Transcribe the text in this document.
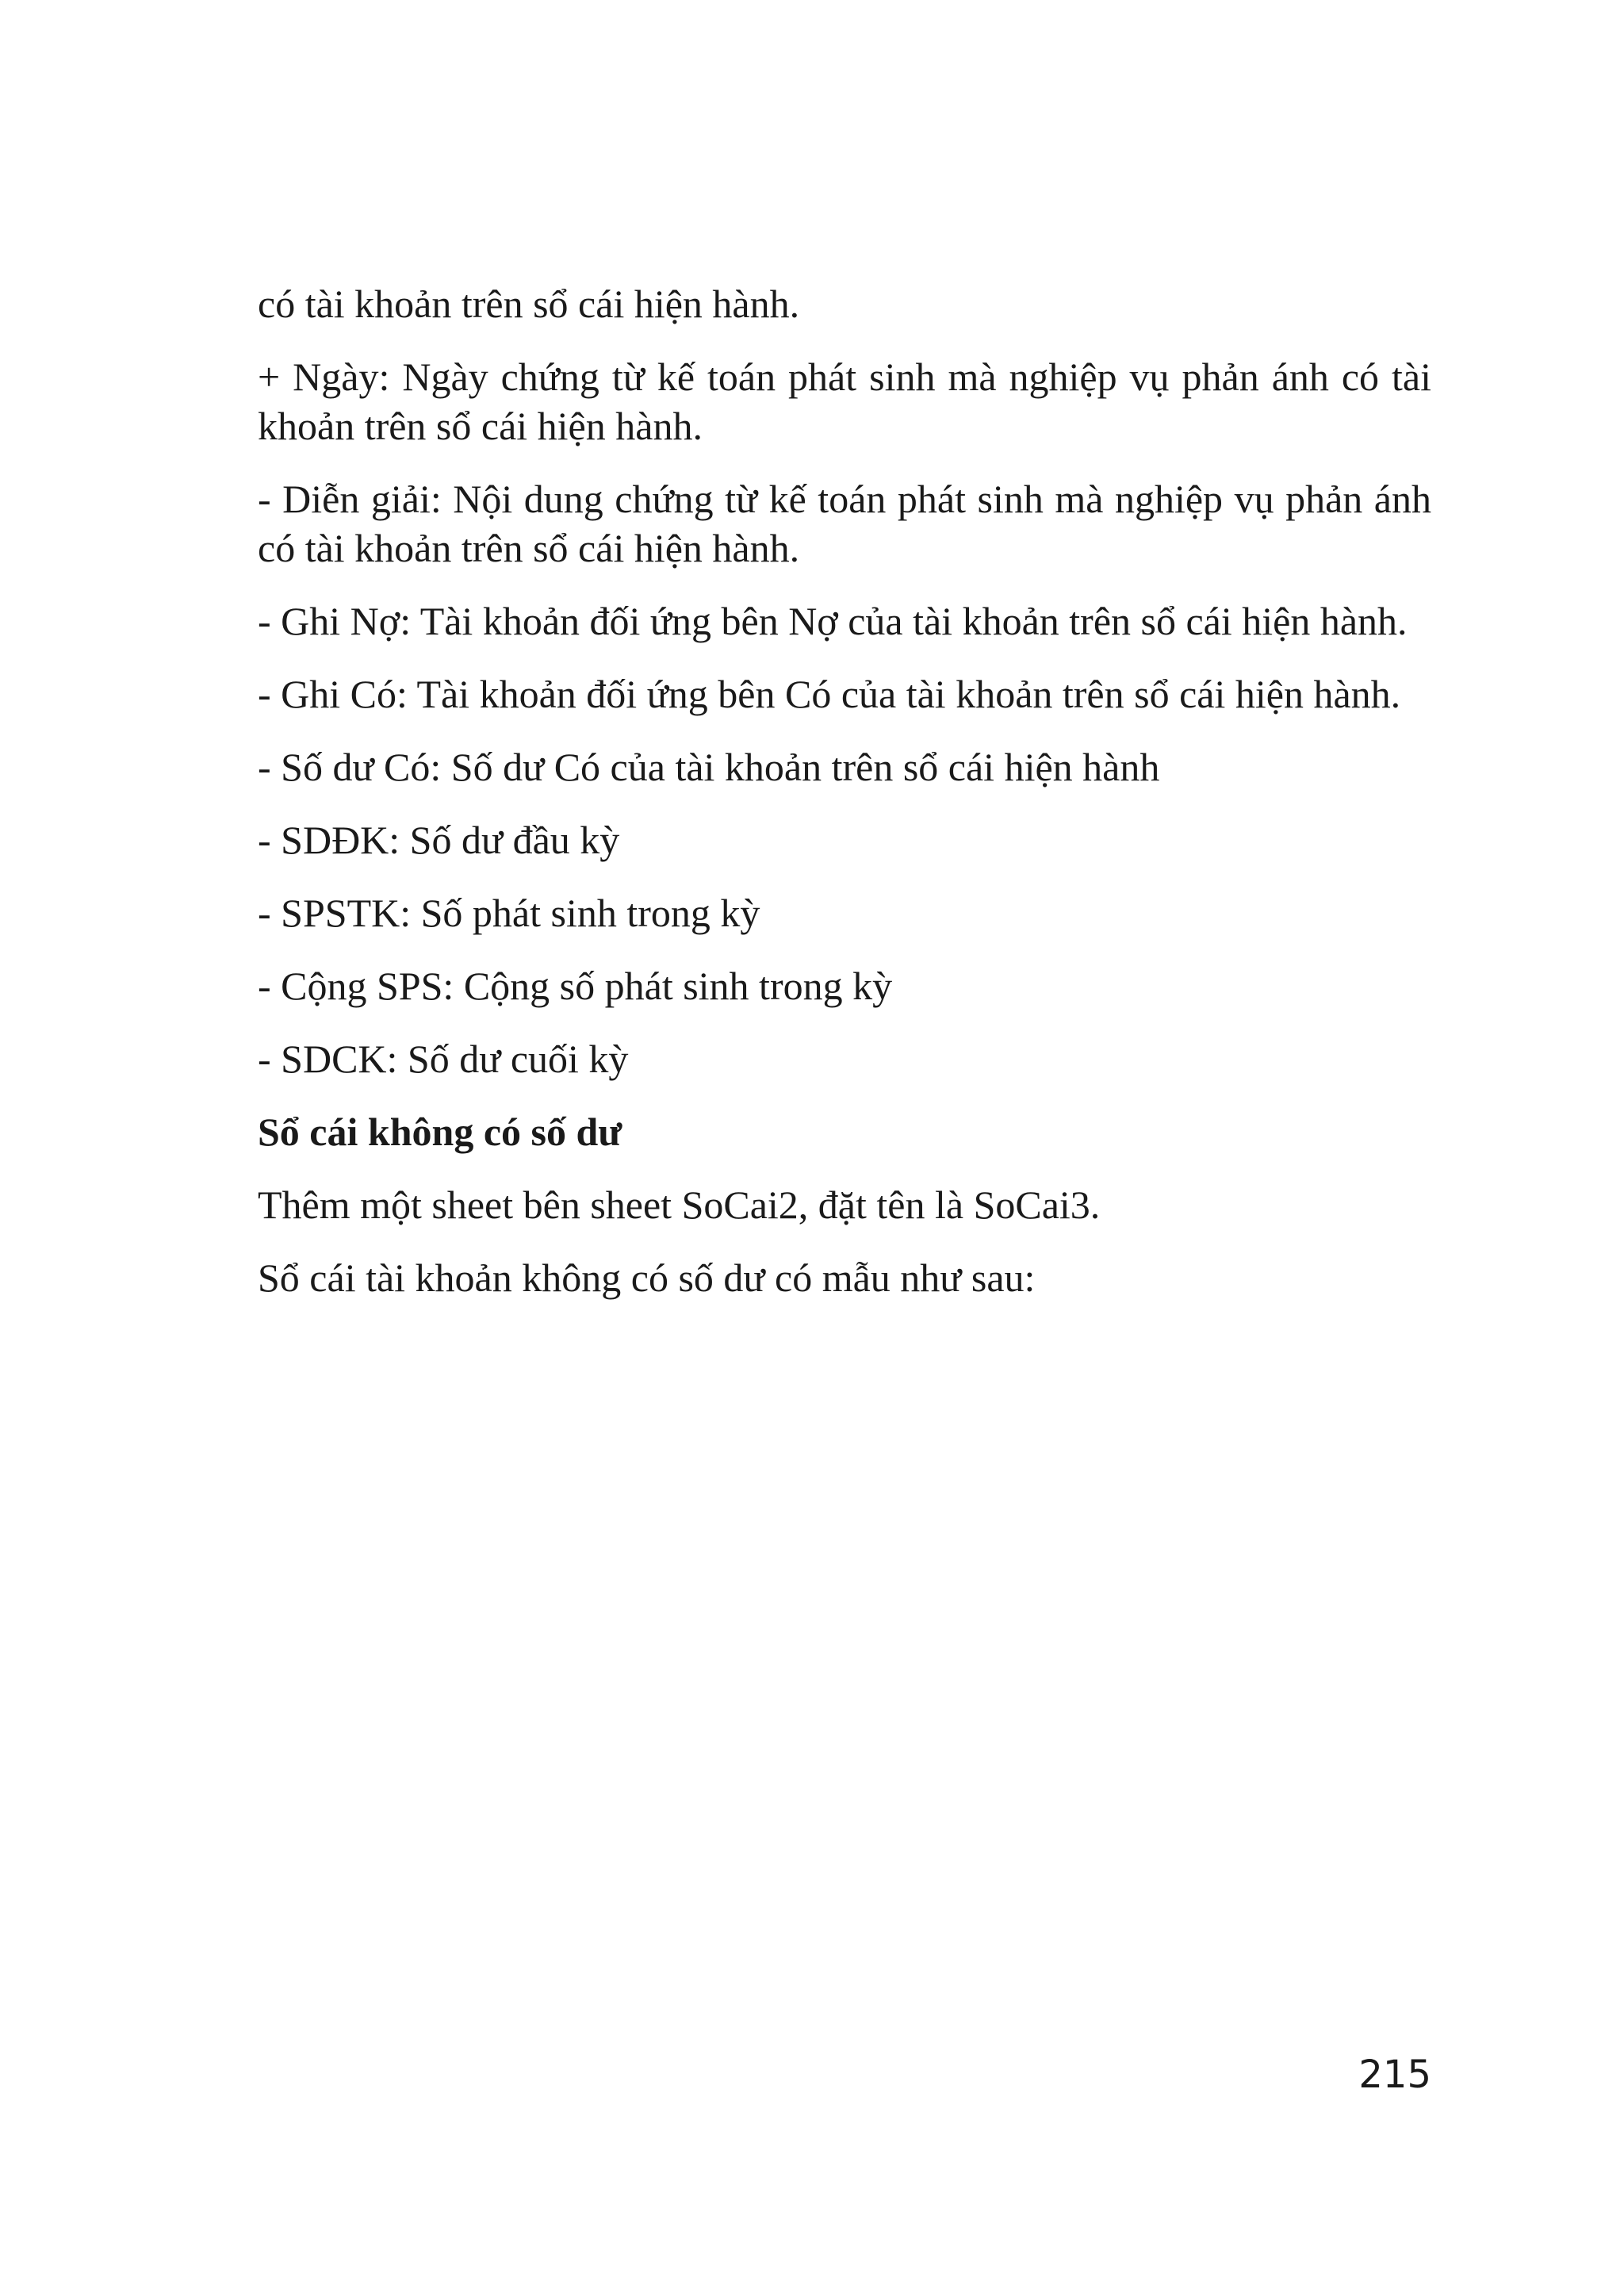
có tài khoản trên sổ cái hiện hành.

+ Ngày: Ngày chứng từ kế toán phát sinh mà nghiệp vụ phản ánh có tài khoản trên sổ cái hiện hành.

- Diễn giải: Nội dung chứng từ kế toán phát sinh mà nghiệp vụ phản ánh có tài khoản trên sổ cái hiện hành.

- Ghi Nợ: Tài khoản đối ứng bên Nợ của tài khoản trên sổ cái hiện hành.

- Ghi Có: Tài khoản đối ứng bên Có của tài khoản trên sổ cái hiện hành.

- Số dư Có: Số dư Có của tài khoản trên sổ cái hiện hành

- SDĐK: Số dư đầu kỳ

- SPSTK: Số phát sinh trong kỳ

- Cộng SPS: Cộng số phát sinh trong kỳ

- SDCK: Số dư cuối kỳ

Sổ cái không có số dư

Thêm một sheet bên sheet SoCai2, đặt tên là SoCai3.

Sổ cái tài khoản không có số dư có mẫu như sau:

215
